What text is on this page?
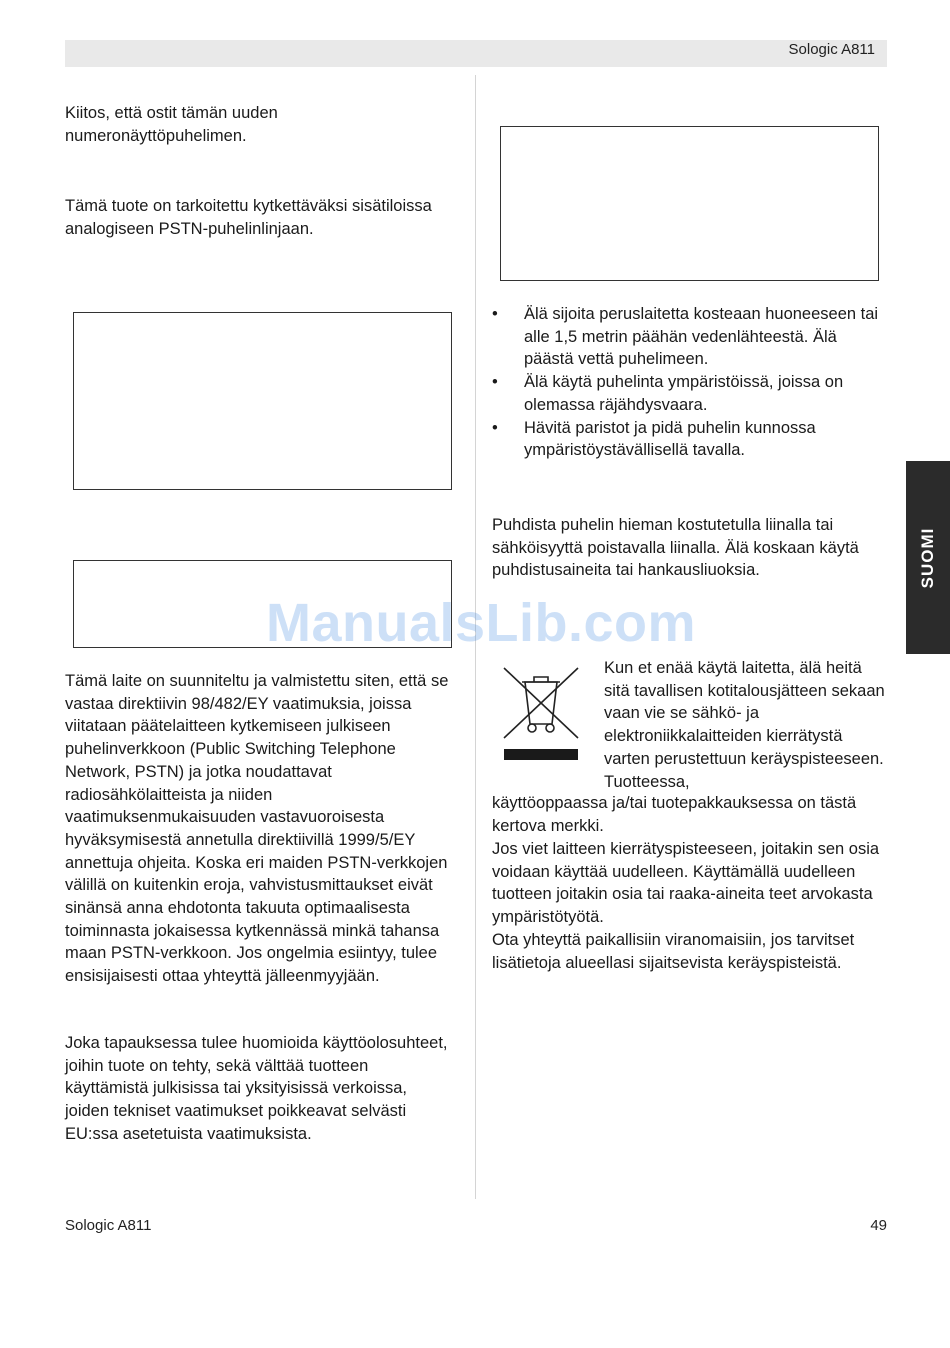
Sologic A811

Kiitos, että ostit tämän uuden numeronäyttöpuhelimen.

Tämä tuote on tarkoitettu kytkettäväksi sisätiloissa analogiseen PSTN-puhelinlinjaan.

Tämä laite on suunniteltu ja valmistettu siten, että se vastaa direktiivin 98/482/EY vaatimuksia, joissa viitataan päätelaitteen kytkemiseen julkiseen puhelinverkkoon (Public Switching Telephone Network, PSTN) ja jotka noudattavat radiosähkölaitteista ja niiden vaatimuksenmukaisuuden vastavuoroisesta hyväksymisestä annetulla direktiivillä 1999/5/EY annettuja ohjeita. Koska eri maiden PSTN-verkkojen välillä on kuitenkin eroja, vahvistusmittaukset eivät sinänsä anna ehdotonta takuuta optimaalisesta toiminnasta jokaisessa kytkennässä minkä tahansa maan PSTN-verkkoon. Jos ongelmia esiintyy, tulee ensisijaisesti ottaa yhteyttä jälleenmyyjään.

Joka tapauksessa tulee huomioida käyttöolosuhteet, joihin tuote on tehty, sekä välttää tuotteen käyttämistä julkisissa tai yksityisissä verkoissa, joiden tekniset vaatimukset poikkeavat selvästi EU:ssa asetetuista vaatimuksista.

• Älä sijoita peruslaitetta kosteaan huoneeseen tai alle 1,5 metrin päähän vedenlähteestä. Älä päästä vettä puhelimeen.
• Älä käytä puhelinta ympäristöissä, joissa on olemassa räjähdysvaara.
• Hävitä paristot ja pidä puhelin kunnossa ympäristöystävällisellä tavalla.

Puhdista puhelin hieman kostutetulla liinalla tai sähköisyyttä poistavalla liinalla. Älä koskaan käytä puhdistusaineita tai hankausliuoksia.

Kun et enää käytä laitetta, älä heitä sitä tavallisen kotitalousjätteen sekaan vaan vie se sähkö- ja elektroniikkalaitteiden kierrätystä varten perustettuun keräyspisteeseen. Tuotteessa,

käyttöoppaassa ja/tai tuotepakkauksessa on tästä kertova merkki.

Jos viet laitteen kierrätyspisteeseen, joitakin sen osia voidaan käyttää uudelleen. Käyttämällä uudelleen tuotteen joitakin osia tai raaka-aineita teet arvokasta ympäristötyötä.

Ota yhteyttä paikallisiin viranomaisiin, jos tarvitset lisätietoja alueellasi sijaitsevista keräyspisteistä.

SUOMI
ManualsLib.com
Sologic A811	49
